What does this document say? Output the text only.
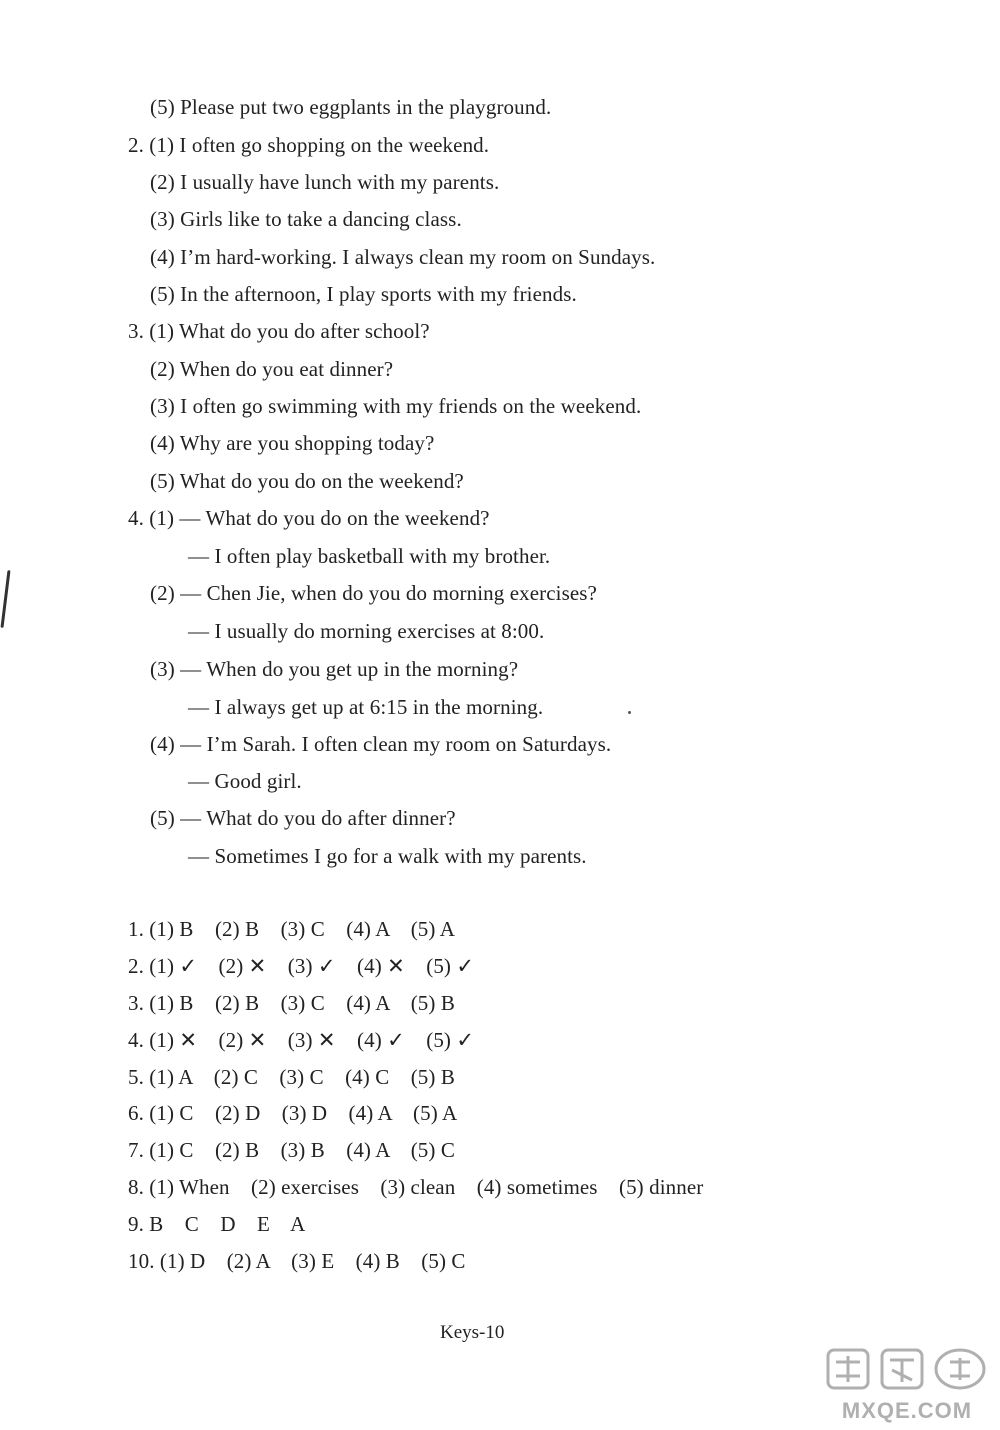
(5) Please put two eggplants in the playground.
2. (1) I often go shopping on the weekend.
(2) I usually have lunch with my parents.
(3) Girls like to take a dancing class.
(4) I’m hard-working. I always clean my room on Sundays.
(5) In the afternoon, I play sports with my friends.
3. (1) What do you do after school?
(2) When do you eat dinner?
(3) I often go swimming with my friends on the weekend.
(4) Why are you shopping today?
(5) What do you do on the weekend?
4. (1) — What do you do on the weekend?
— I often play basketball with my brother.
(2) — Chen Jie, when do you do morning exercises?
— I usually do morning exercises at 8:00.
(3) — When do you get up in the morning?
— I always get up at 6:15 in the morning.
(4) — I’m Sarah. I often clean my room on Saturdays.
— Good girl.
(5) — What do you do after dinner?
— Sometimes I go for a walk with my parents.
1. (1) B    (2) B    (3) C    (4) A    (5) A
2. (1) ✓    (2) ✕    (3) ✓    (4) ✕    (5) ✓
3. (1) B    (2) B    (3) C    (4) A    (5) B
4. (1) ✕    (2) ✕    (3) ✕    (4) ✓    (5) ✓
5. (1) A    (2) C    (3) C    (4) C    (5) B
6. (1) C    (2) D    (3) D    (4) A    (5) A
7. (1) C    (2) B    (3) B    (4) A    (5) C
8. (1) When    (2) exercises    (3) clean    (4) sometimes    (5) dinner
9. B    C    D    E    A
10. (1) D    (2) A    (3) E    (4) B    (5) C
Keys-10
MXQE.COM
